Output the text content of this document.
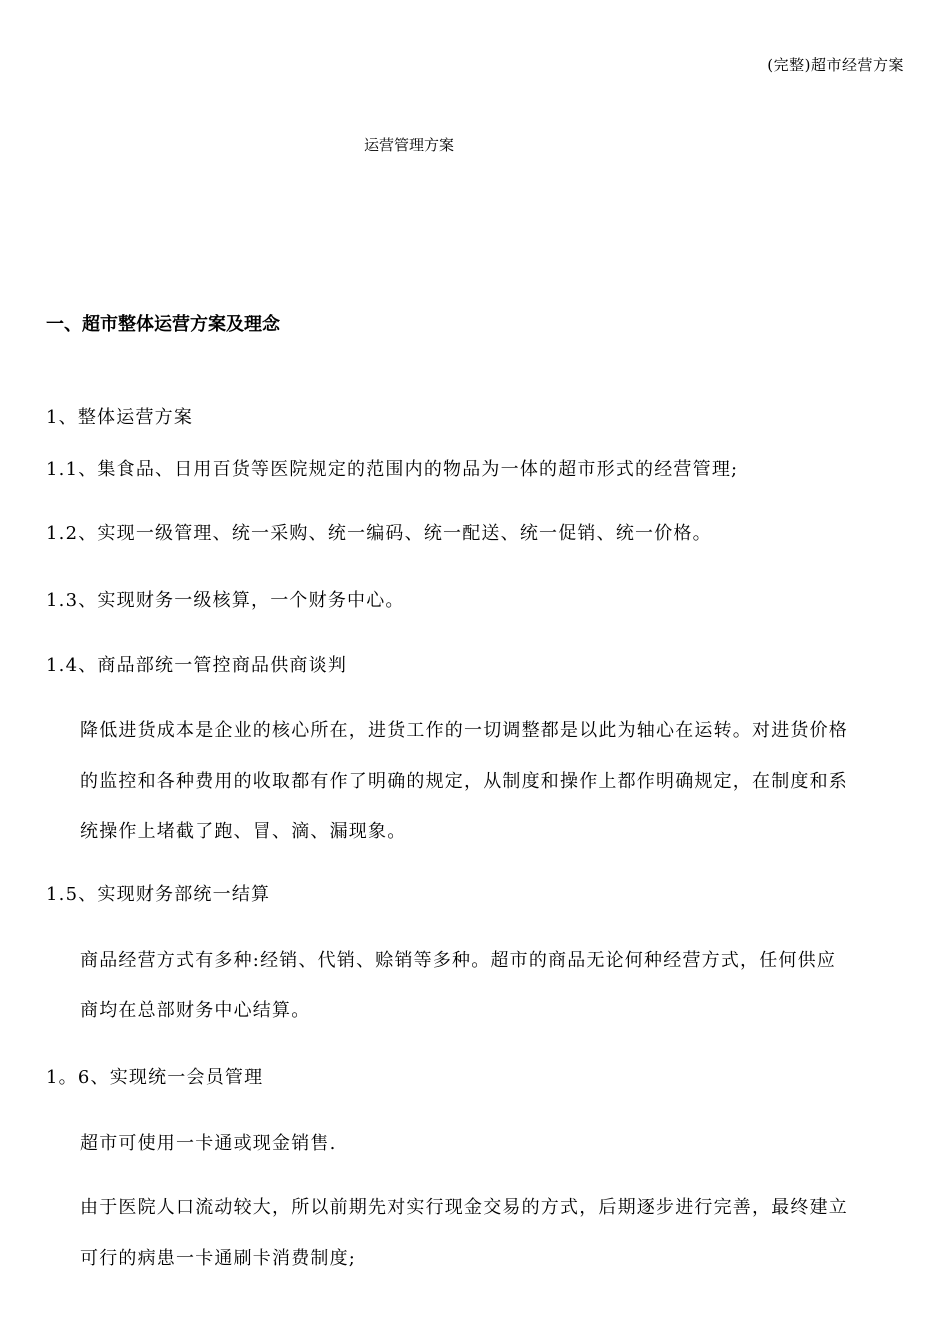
(完整)超市经营方案
运营管理方案
一、超市整体运营方案及理念
1、整体运营方案
1.1、集食品、日用百货等医院规定的范围内的物品为一体的超市形式的经营管理;
1.2、实现一级管理、统一采购、统一编码、统一配送、统一促销、统一价格。
1.3、实现财务一级核算，一个财务中心。
1.4、商品部统一管控商品供商谈判
降低进货成本是企业的核心所在，进货工作的一切调整都是以此为轴心在运转。对进货价格
的监控和各种费用的收取都有作了明确的规定，从制度和操作上都作明确规定，在制度和系
统操作上堵截了跑、冒、滴、漏现象。
1.5、实现财务部统一结算
商品经营方式有多种:经销、代销、赊销等多种。超市的商品无论何种经营方式，任何供应
商均在总部财务中心结算。
1。6、实现统一会员管理
超市可使用一卡通或现金销售.
由于医院人口流动较大，所以前期先对实行现金交易的方式，后期逐步进行完善，最终建立
可行的病患一卡通刷卡消费制度;
